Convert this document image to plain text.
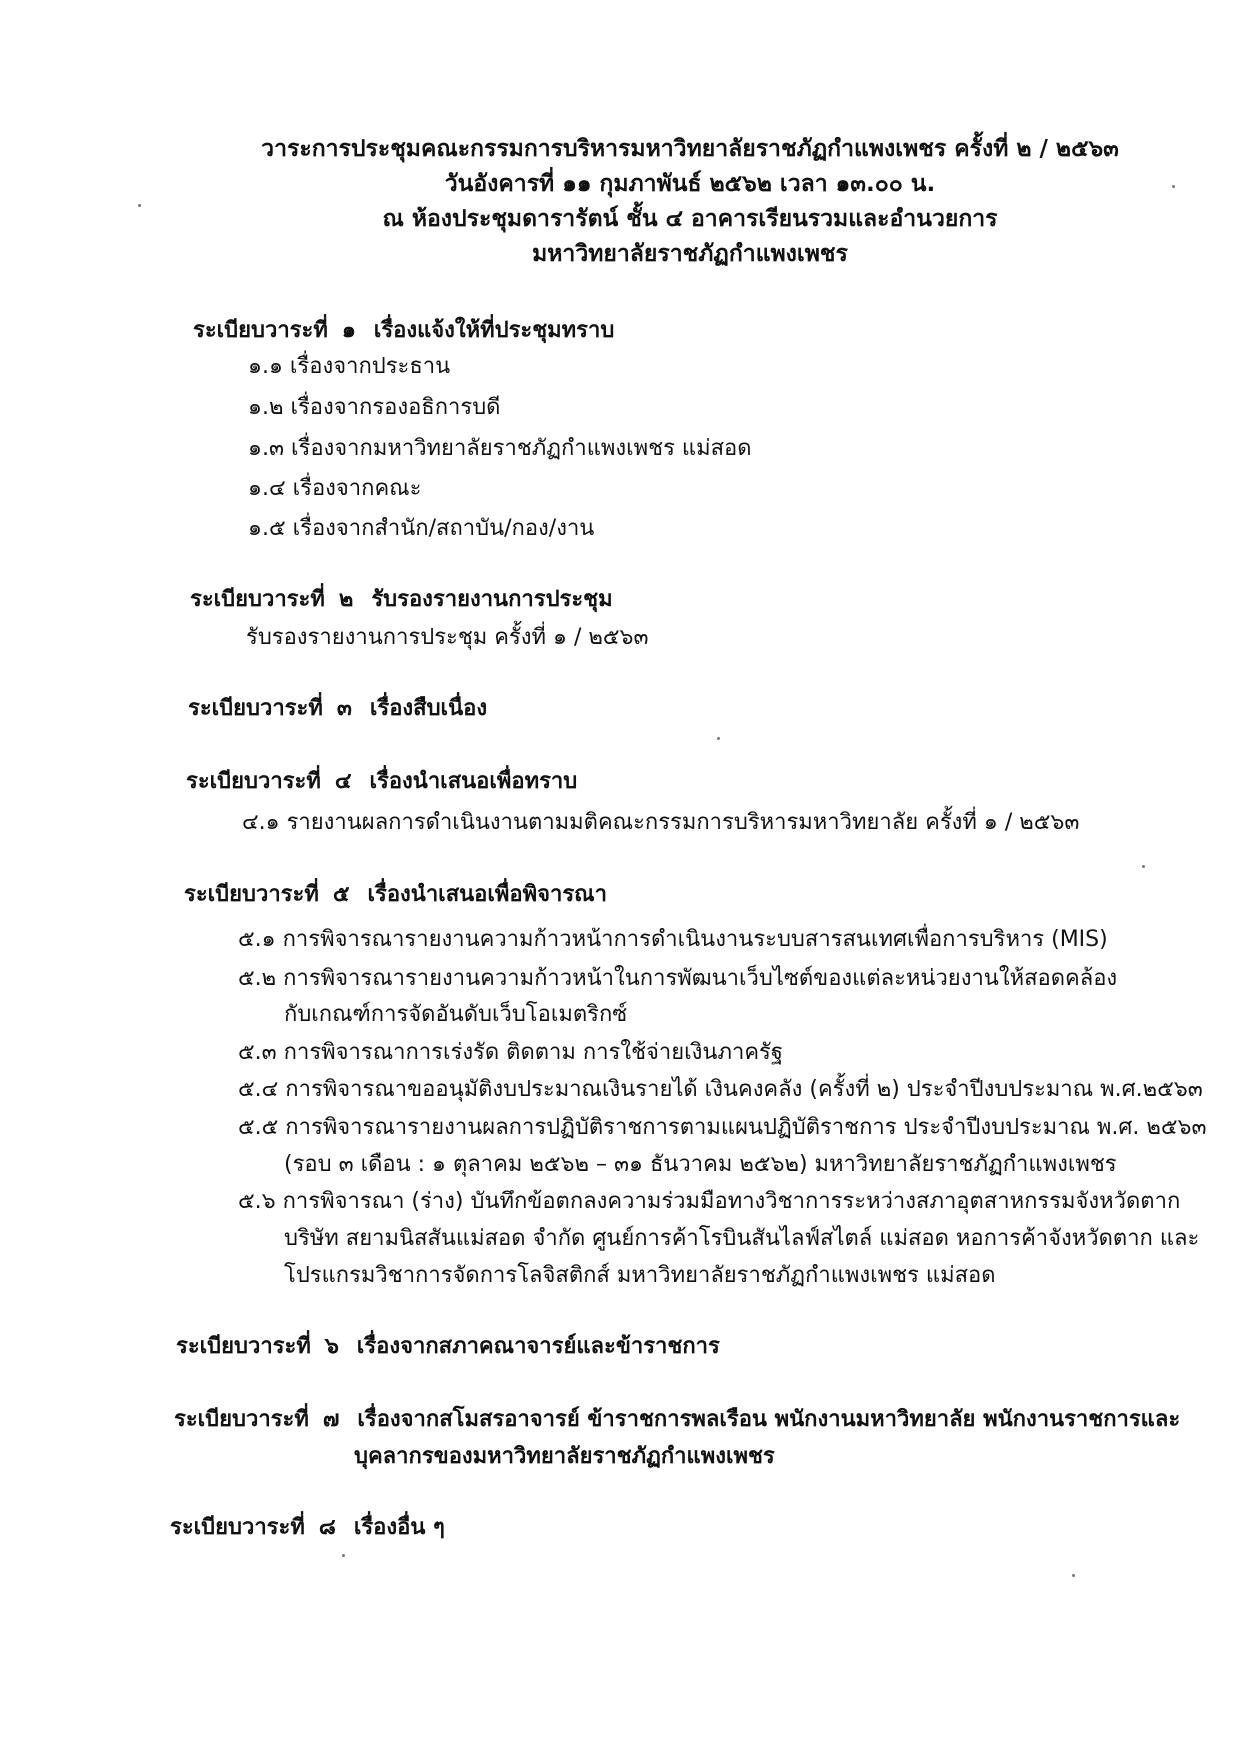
วาระการประชุมคณะกรรมการบริหารมหาวิทยาลัยราชภัฏกำแพงเพชร ครั้งที่ ๒ / ๒๕๖๓
วันอังคารที่ ๑๑ กุมภาพันธ์ ๒๕๖๒ เวลา ๑๓.๐๐ น.
ณ ห้องประชุมดารารัตน์ ชั้น ๔ อาคารเรียนรวมและอำนวยการ
มหาวิทยาลัยราชภัฏกำแพงเพชร
ระเบียบวาระที่ ๑ เรื่องแจ้งให้ที่ประชุมทราบ
๑.๑ เรื่องจากประธาน
๑.๒ เรื่องจากรองอธิการบดี
๑.๓ เรื่องจากมหาวิทยาลัยราชภัฏกำแพงเพชร แม่สอด
๑.๔ เรื่องจากคณะ
๑.๕ เรื่องจากสำนัก/สถาบัน/กอง/งาน
ระเบียบวาระที่ ๒ รับรองรายงานการประชุม
รับรองรายงานการประชุม ครั้งที่ ๑ / ๒๕๖๓
ระเบียบวาระที่ ๓ เรื่องสืบเนื่อง
ระเบียบวาระที่ ๔ เรื่องนำเสนอเพื่อทราบ
๔.๑ รายงานผลการดำเนินงานตามมติคณะกรรมการบริหารมหาวิทยาลัย ครั้งที่ ๑ / ๒๕๖๓
ระเบียบวาระที่ ๕ เรื่องนำเสนอเพื่อพิจารณา
๕.๑ การพิจารณารายงานความก้าวหน้าการดำเนินงานระบบสารสนเทศเพื่อการบริหาร (MIS)
๕.๒ การพิจารณารายงานความก้าวหน้าในการพัฒนาเว็บไซต์ของแต่ละหน่วยงานให้สอดคล้อง
กับเกณฑ์การจัดอันดับเว็บโอเมตริกซ์
๕.๓ การพิจารณาการเร่งรัด ติดตาม การใช้จ่ายเงินภาครัฐ
๕.๔ การพิจารณาขออนุมัติงบประมาณเงินรายได้ เงินคงคลัง (ครั้งที่ ๒) ประจำปีงบประมาณ พ.ศ.๒๕๖๓
๕.๕ การพิจารณารายงานผลการปฏิบัติราชการตามแผนปฏิบัติราชการ ประจำปีงบประมาณ พ.ศ. ๒๕๖๓
(รอบ ๓ เดือน : ๑ ตุลาคม ๒๕๖๒ – ๓๑ ธันวาคม ๒๕๖๒) มหาวิทยาลัยราชภัฏกำแพงเพชร
๕.๖ การพิจารณา (ร่าง) บันทึกข้อตกลงความร่วมมือทางวิชาการระหว่างสภาอุตสาหกรรมจังหวัดตาก
บริษัท สยามนิสสันแม่สอด จำกัด ศูนย์การค้าโรบินสันไลฟ์สไตล์ แม่สอด หอการค้าจังหวัดตาก และ
โปรแกรมวิชาการจัดการโลจิสติกส์ มหาวิทยาลัยราชภัฏกำแพงเพชร แม่สอด
ระเบียบวาระที่ ๖ เรื่องจากสภาคณาจารย์และข้าราชการ
ระเบียบวาระที่ ๗ เรื่องจากสโมสรอาจารย์ ข้าราชการพลเรือน พนักงานมหาวิทยาลัย พนักงานราชการและ
บุคลากรของมหาวิทยาลัยราชภัฏกำแพงเพชร
ระเบียบวาระที่ ๘ เรื่องอื่น ๆ
